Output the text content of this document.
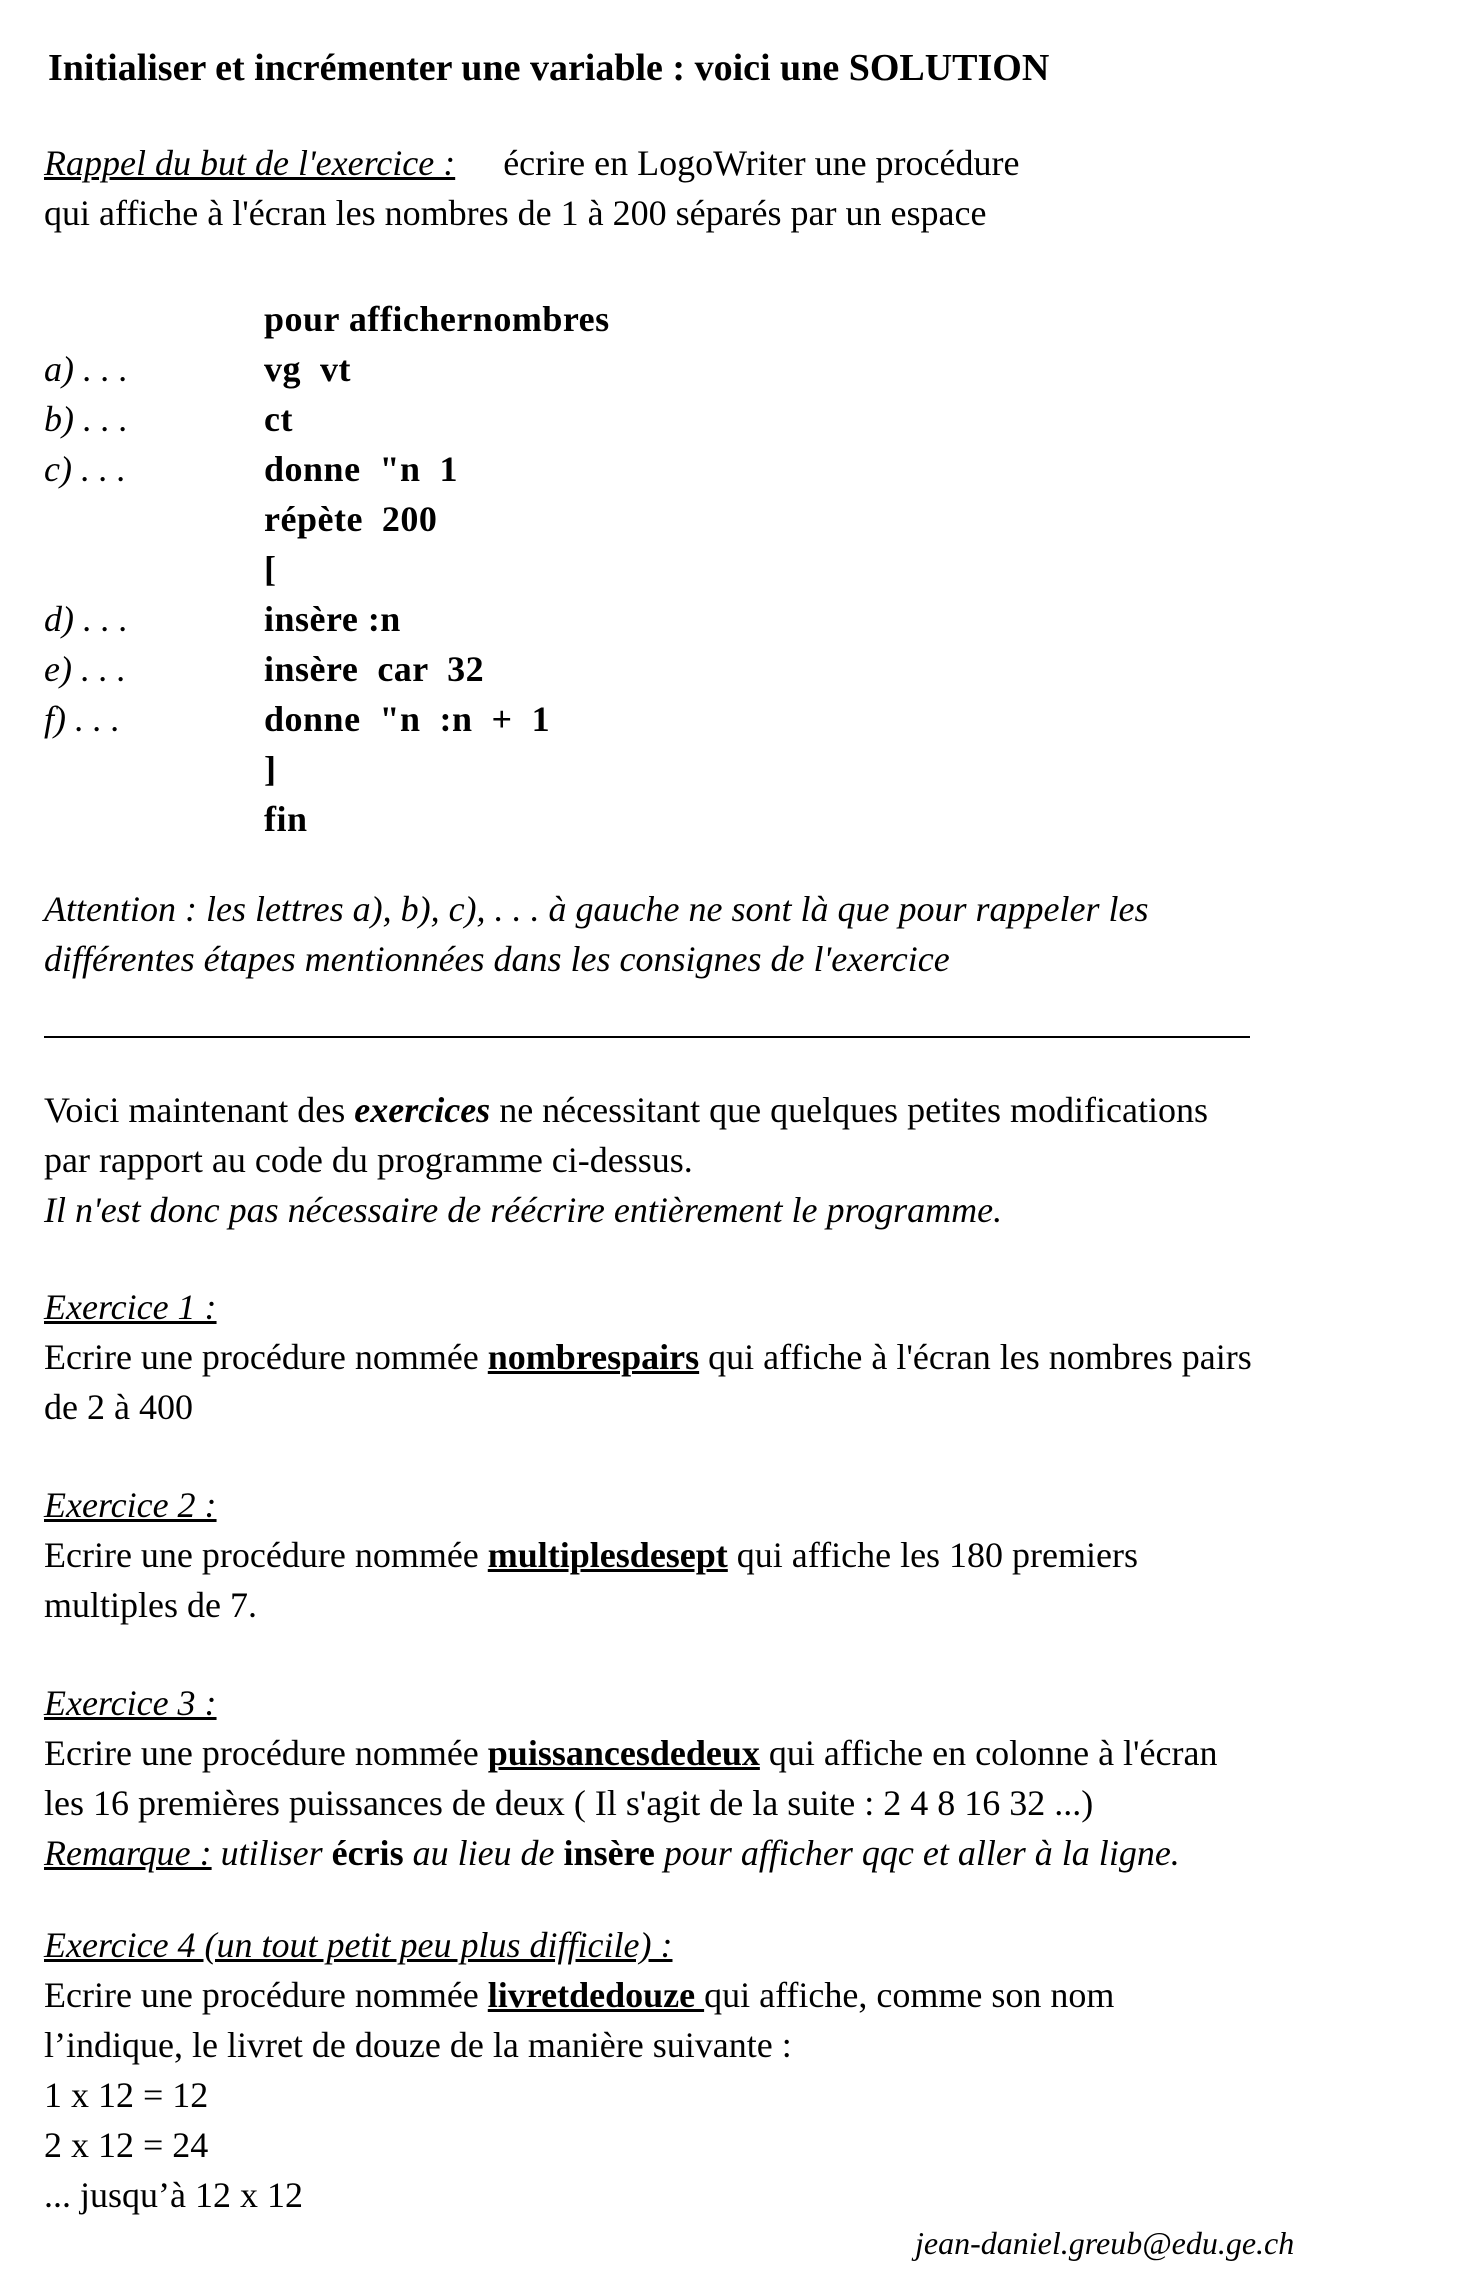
Initialiser et incrémenter une variable : voici une SOLUTION
Rappel du but de l'exercice : écrire en LogoWriter une procédure
qui affiche à l'écran les nombres de 1 à 200 séparés par un espace
pour affichernombres
a) . . .	vg  vt
b) . . .	ct
c) . . .	donne  "n  1
répète  200
[
d) . . .	insère :n
e) . . .	insère  car  32
f) . . .	donne  "n  :n  +  1
]
fin
Attention : les lettres a), b), c), . . . à gauche ne sont là que pour rappeler les
différentes étapes mentionnées dans les consignes de l'exercice
Voici maintenant des exercices ne nécessitant que quelques petites modifications
par rapport au code du programme ci-dessus.
Il n'est donc pas nécessaire de réécrire entièrement le programme.
Exercice 1 :
Ecrire une procédure nommée nombrespairs qui affiche à l'écran les nombres pairs
de 2 à 400
Exercice 2 :
Ecrire une procédure nommée multiplesdesept qui affiche les 180 premiers
multiples de 7.
Exercice 3 :
Ecrire une procédure nommée puissancesdedeux qui affiche en colonne à l'écran
les 16 premières puissances de deux ( Il s'agit de la suite : 2 4 8 16 32 ...)
Remarque : utiliser écris au lieu de insère pour afficher qqc et aller à la ligne.
Exercice 4 (un tout petit peu plus difficile) :
Ecrire une procédure nommée livretdedouze qui affiche, comme son nom
l’indique, le livret de douze de la manière suivante :
1 x 12 = 12
2 x 12 = 24
... jusqu’à 12 x 12
jean-daniel.greub@edu.ge.ch
